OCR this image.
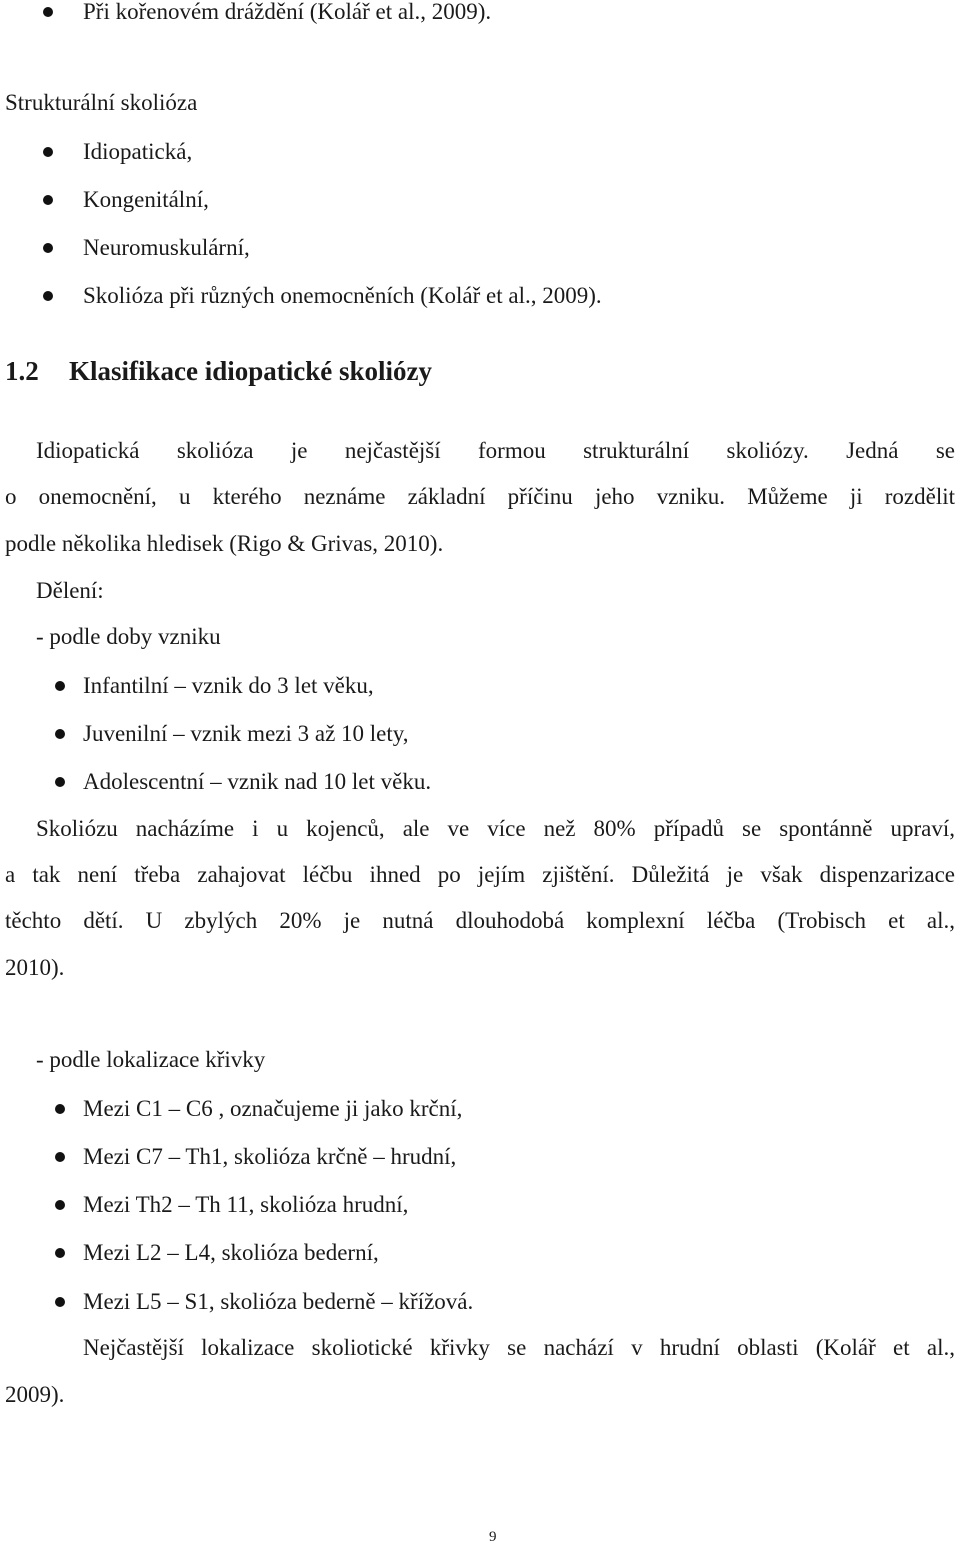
Při kořenovém dráždění (Kolář et al., 2009).
Strukturální skolióza
Idiopatická,
Kongenitální,
Neuromuskulární,
Skolióza při různých onemocněních (Kolář et al., 2009).
1.2 Klasifikace idiopatické skoliózy
Idiopatická skolióza je nejčastější formou strukturální skoliózy. Jedná se
o onemocnění, u kterého neznáme základní příčinu jeho vzniku. Můžeme ji rozdělit
podle několika hledisek (Rigo & Grivas, 2010).
Dělení:
- podle doby vzniku
Infantilní – vznik do 3 let věku,
Juvenilní – vznik mezi 3 až 10 lety,
Adolescentní – vznik nad 10 let věku.
Skoliózu nacházíme i u kojenců, ale ve více než 80% případů se spontánně upraví,
a tak není třeba zahajovat léčbu ihned po jejím zjištění. Důležitá je však dispenzarizace
těchto dětí. U zbylých 20% je nutná dlouhodobá komplexní léčba (Trobisch et al.,
2010).
- podle lokalizace křivky
Mezi C1 – C6 , označujeme ji jako krční,
Mezi C7 – Th1, skolióza krčně – hrudní,
Mezi Th2 – Th 11, skolióza hrudní,
Mezi L2 – L4, skolióza bederní,
Mezi L5 – S1, skolióza bederně – křížová.
Nejčastější lokalizace skoliotické křivky se nachází v hrudní oblasti (Kolář et al.,
2009).
9
